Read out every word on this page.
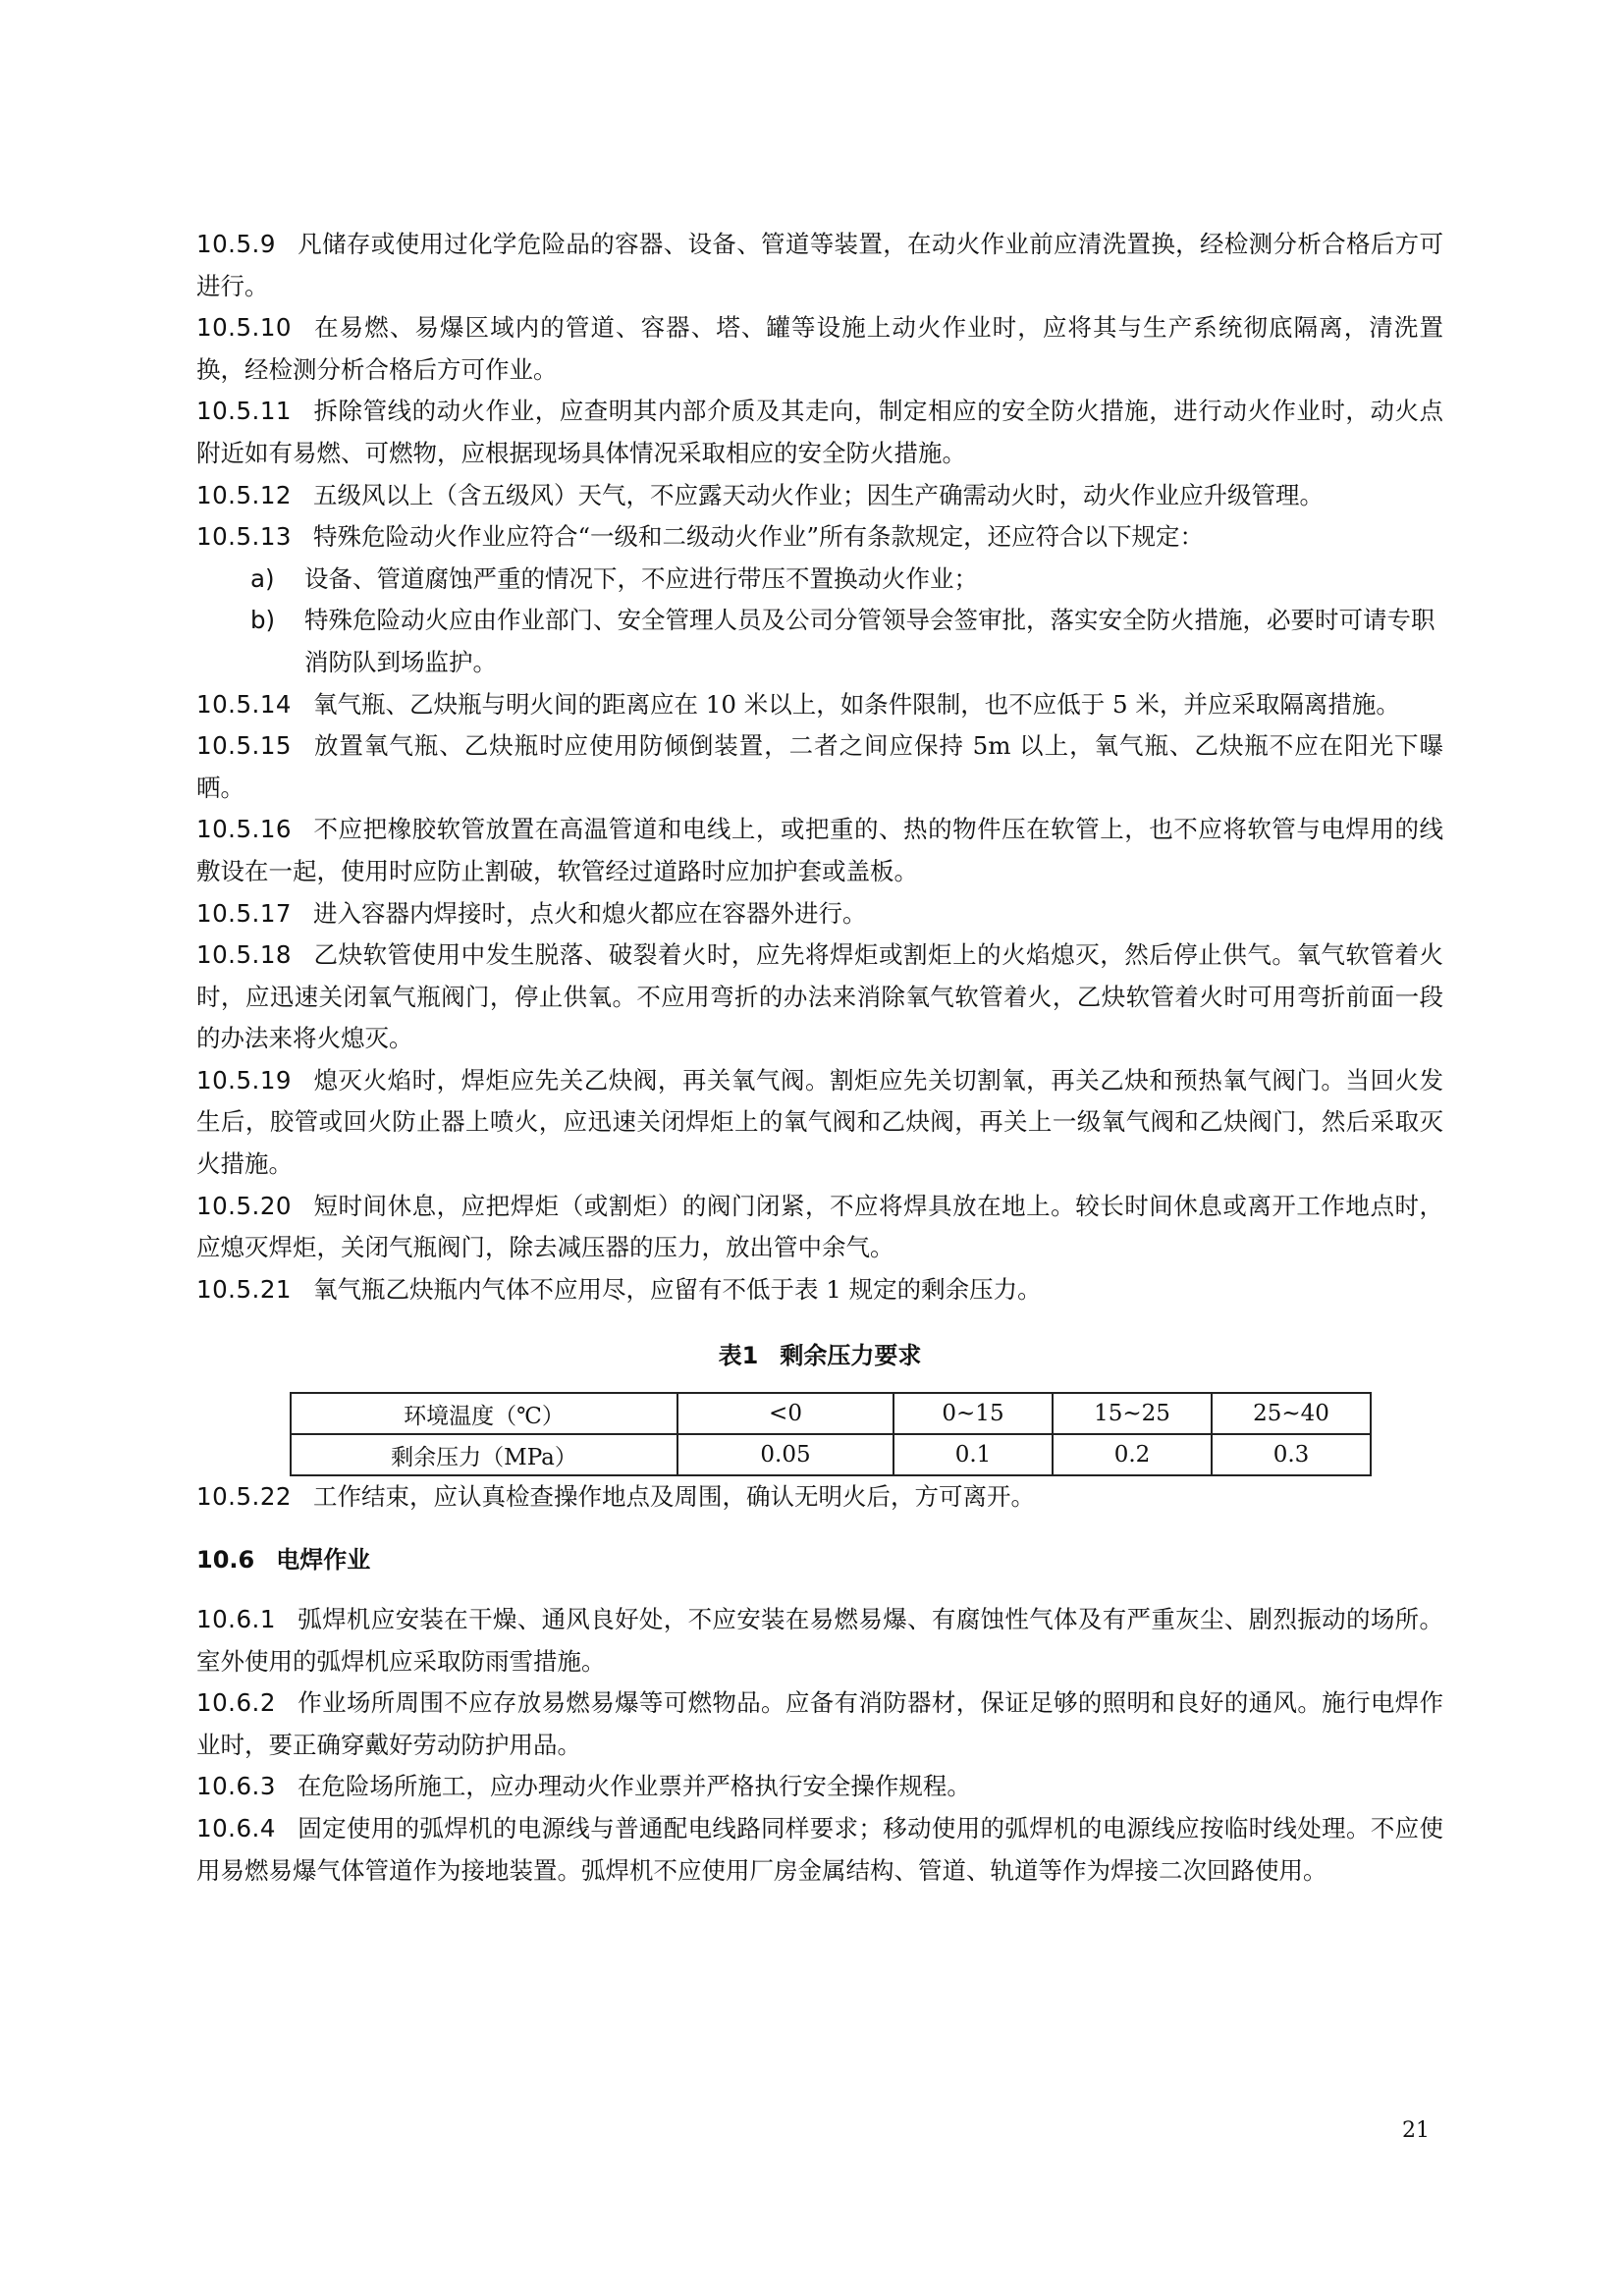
10.5.9 凡储存或使用过化学危险品的容器、设备、管道等装置，在动火作业前应清洗置换，经检测分析合格后方可进行。

10.5.10 在易燃、易爆区域内的管道、容器、塔、罐等设施上动火作业时，应将其与生产系统彻底隔离，清洗置换，经检测分析合格后方可作业。

10.5.11 拆除管线的动火作业，应查明其内部介质及其走向，制定相应的安全防火措施，进行动火作业时，动火点附近如有易燃、可燃物，应根据现场具体情况采取相应的安全防火措施。

10.5.12 五级风以上（含五级风）天气，不应露天动火作业；因生产确需动火时，动火作业应升级管理。

10.5.13 特殊危险动火作业应符合“一级和二级动火作业”所有条款规定，还应符合以下规定：

a) 设备、管道腐蚀严重的情况下，不应进行带压不置换动火作业；

b) 特殊危险动火应由作业部门、安全管理人员及公司分管领导会签审批，落实安全防火措施，必要时可请专职消防队到场监护。

10.5.14 氧气瓶、乙炔瓶与明火间的距离应在 10 米以上，如条件限制，也不应低于 5 米，并应采取隔离措施。

10.5.15 放置氧气瓶、乙炔瓶时应使用防倾倒装置，二者之间应保持 5m 以上，氧气瓶、乙炔瓶不应在阳光下曝晒。

10.5.16 不应把橡胶软管放置在高温管道和电线上，或把重的、热的物件压在软管上，也不应将软管与电焊用的线敷设在一起，使用时应防止割破，软管经过道路时应加护套或盖板。

10.5.17 进入容器内焊接时，点火和熄火都应在容器外进行。

10.5.18 乙炔软管使用中发生脱落、破裂着火时，应先将焊炬或割炬上的火焰熄灭，然后停止供气。氧气软管着火时，应迅速关闭氧气瓶阀门，停止供氧。不应用弯折的办法来消除氧气软管着火，乙炔软管着火时可用弯折前面一段的办法来将火熄灭。

10.5.19 熄灭火焰时，焊炬应先关乙炔阀，再关氧气阀。割炬应先关切割氧，再关乙炔和预热氧气阀门。当回火发生后，胶管或回火防止器上喷火，应迅速关闭焊炬上的氧气阀和乙炔阀，再关上一级氧气阀和乙炔阀门，然后采取灭火措施。

10.5.20 短时间休息，应把焊炬（或割炬）的阀门闭紧，不应将焊具放在地上。较长时间休息或离开工作地点时，应熄灭焊炬，关闭气瓶阀门，除去减压器的压力，放出管中余气。

10.5.21 氧气瓶乙炔瓶内气体不应用尽，应留有不低于表 1 规定的剩余压力。

表1 剩余压力要求
环境温度（℃）	<0	0~15	15~25	25~40
剩余压力（MPa）	0.05	0.1	0.2	0.3

10.5.22 工作结束，应认真检查操作地点及周围，确认无明火后，方可离开。

10.6 电焊作业

10.6.1 弧焊机应安装在干燥、通风良好处，不应安装在易燃易爆、有腐蚀性气体及有严重灰尘、剧烈振动的场所。室外使用的弧焊机应采取防雨雪措施。

10.6.2 作业场所周围不应存放易燃易爆等可燃物品。应备有消防器材，保证足够的照明和良好的通风。施行电焊作业时，要正确穿戴好劳动防护用品。

10.6.3 在危险场所施工，应办理动火作业票并严格执行安全操作规程。

10.6.4 固定使用的弧焊机的电源线与普通配电线路同样要求；移动使用的弧焊机的电源线应按临时线处理。不应使用易燃易爆气体管道作为接地装置。弧焊机不应使用厂房金属结构、管道、轨道等作为焊接二次回路使用。

21
